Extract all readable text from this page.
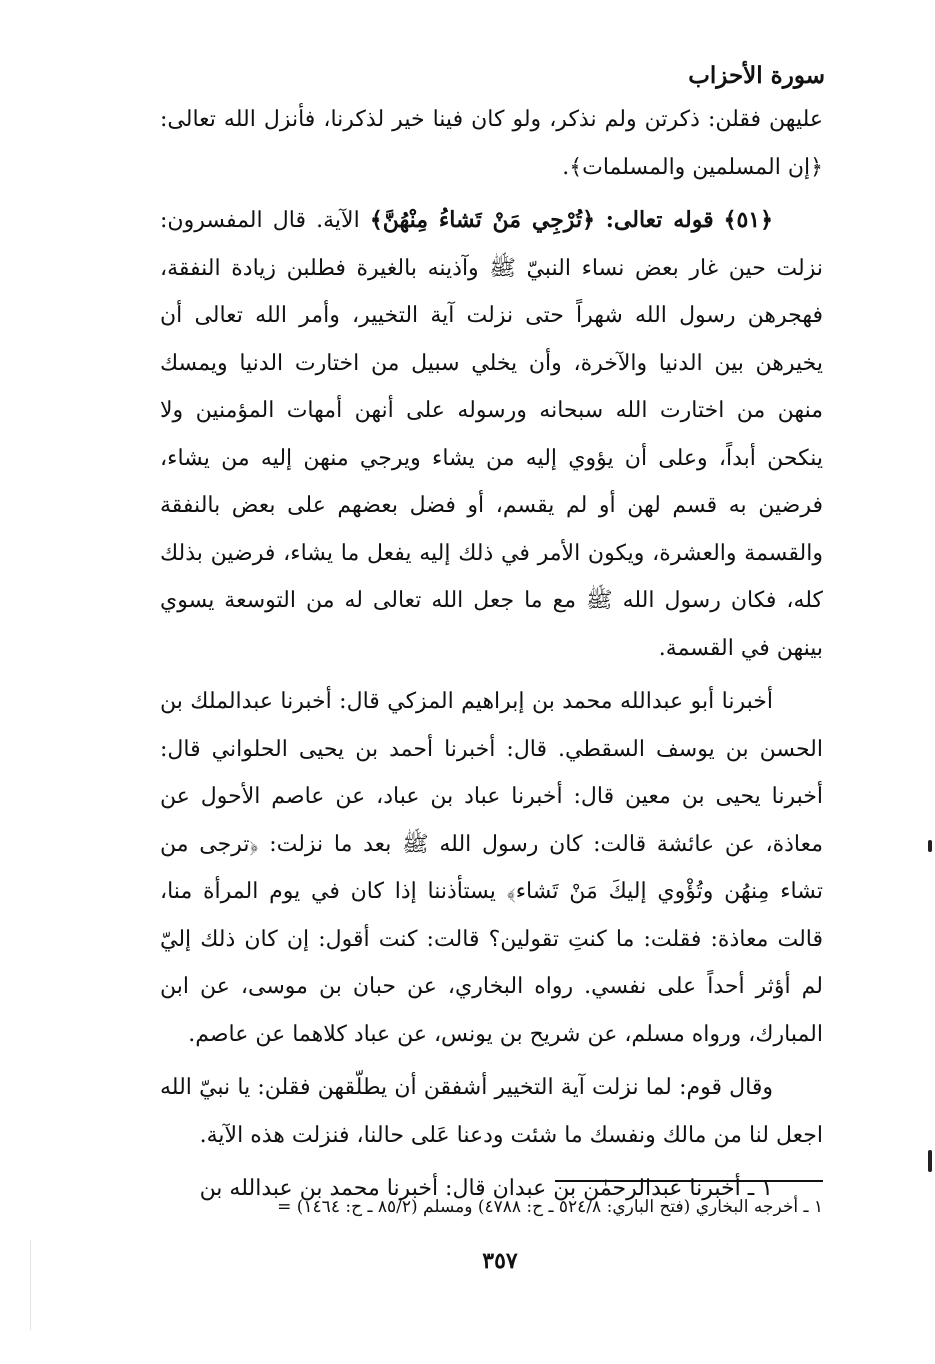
سورة الأحزاب

عليهن فقلن: ذكرتن ولم نذكر، ولو كان فينا خير لذكرنا، فأنزل الله تعالى: ﴿إن المسلمين والمسلمات﴾.

﴿٥١﴾قوله تعالى: ﴿تُرْجِي مَنْ تَشاءُ مِنْهُنَّ﴾ الآية. قال المفسرون: نزلت حين غار بعض نساء النبيّ ﷺ وآذينه بالغيرة فطلبن زيادة النفقة، فهجرهن رسول الله شهراً حتى نزلت آية التخيير، وأمر الله تعالى أن يخيرهن بين الدنيا والآخرة، وأن يخلي سبيل من اختارت الدنيا ويمسك منهن من اختارت الله سبحانه ورسوله على أنهن أمهات المؤمنين ولا ينكحن أبداً، وعلى أن يؤوي إليه من يشاء ويرجي منهن إليه من يشاء، فرضين به قسم لهن أو لم يقسم، أو فضل بعضهم على بعض بالنفقة والقسمة والعشرة، ويكون الأمر في ذلك إليه يفعل ما يشاء، فرضين بذلك كله، فكان رسول الله ﷺ مع ما جعل الله تعالى له من التوسعة يسوي بينهن في القسمة.

أخبرنا أبو عبدالله محمد بن إبراهيم المزكي قال: أخبرنا عبدالملك بن الحسن بن يوسف السقطي. قال: أخبرنا أحمد بن يحيى الحلواني قال: أخبرنا يحيى بن معين قال: أخبرنا عباد بن عباد، عن عاصم الأحول عن معاذة، عن عائشة قالت: كان رسول الله ﷺ بعد ما نزلت: ﴿ترجى من تشاء مِنهُن وتُؤْوي إليكَ مَنْ تَشاء﴾ يستأذننا إذا كان في يوم المرأة منا، قالت معاذة: فقلت: ما كنتِ تقولين؟ قالت: كنت أقول: إن كان ذلك إليّ لم أؤثر أحداً على نفسي. رواه البخاري، عن حبان بن موسى، عن ابن المبارك، ورواه مسلم، عن شريح بن يونس، عن عباد كلاهما عن عاصم.

وقال قوم: لما نزلت آية التخيير أشفقن أن يطلّقهن فقلن: يا نبيّ الله اجعل لنا من مالك ونفسك ما شئت ودعنا عَلى حالنا، فنزلت هذه الآية.

١ ـ أخبرنا عبدالرحمٰن بن عبدان قال: أخبرنا محمد بن عبدالله بن

١ ـ أخرجه البخاري (فتح الباري: ٥٢٤/٨ ـ ح: ٤٧٨٨) ومسلم (٨٥/٢ ـ ح: ١٤٦٤) =
٣٥٧
